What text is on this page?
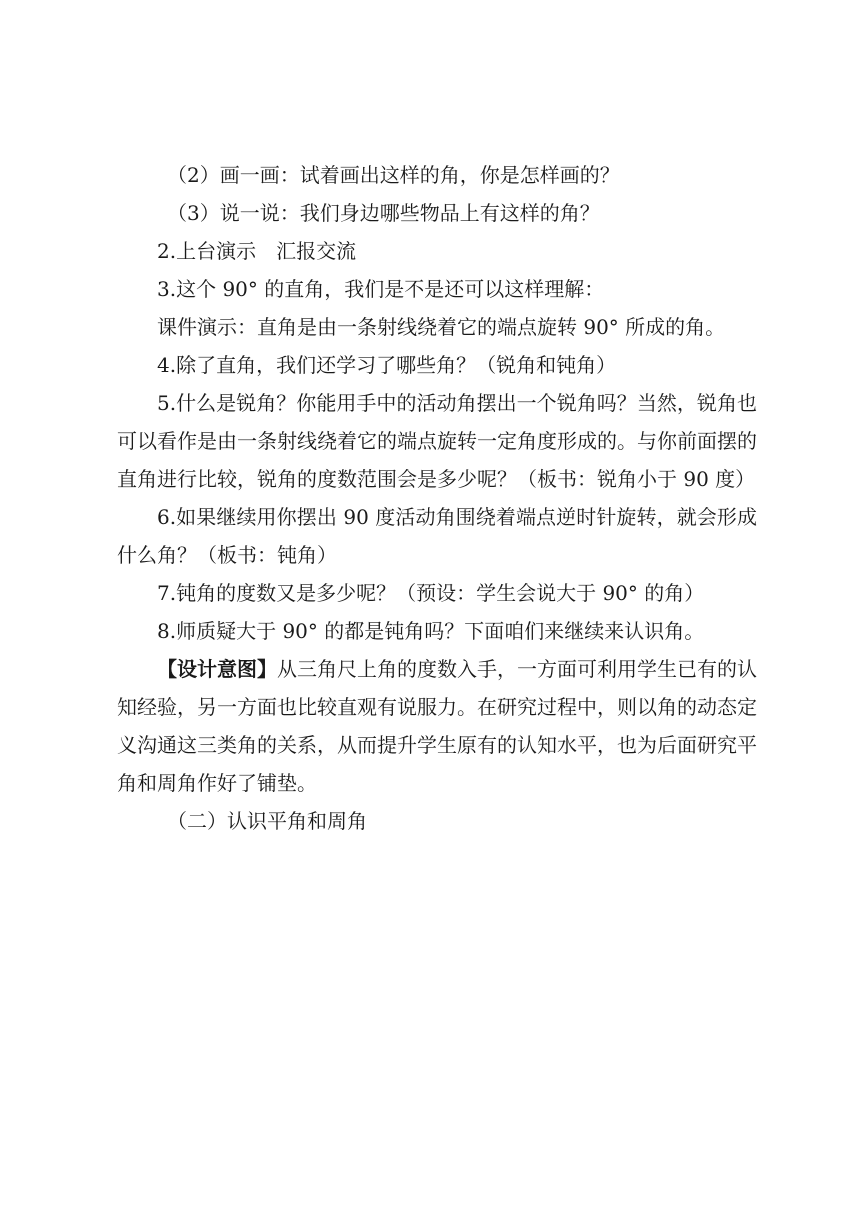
（2）画一画：试着画出这样的角，你是怎样画的？

（3）说一说：我们身边哪些物品上有这样的角？

2.上台演示　汇报交流

3.这个 90° 的直角，我们是不是还可以这样理解：

课件演示：直角是由一条射线绕着它的端点旋转 90° 所成的角。

4.除了直角，我们还学习了哪些角？（锐角和钝角）

5.什么是锐角？你能用手中的活动角摆出一个锐角吗？当然，锐角也可以看作是由一条射线绕着它的端点旋转一定角度形成的。与你前面摆的直角进行比较，锐角的度数范围会是多少呢？（板书：锐角小于 90 度）

6.如果继续用你摆出 90 度活动角围绕着端点逆时针旋转，就会形成什么角？（板书：钝角）

7.钝角的度数又是多少呢？（预设：学生会说大于 90° 的角）

8.师质疑大于 90° 的都是钝角吗？下面咱们来继续来认识角。

【设计意图】从三角尺上角的度数入手，一方面可利用学生已有的认知经验，另一方面也比较直观有说服力。在研究过程中，则以角的动态定义沟通这三类角的关系，从而提升学生原有的认知水平，也为后面研究平角和周角作好了铺垫。

（二）认识平角和周角
